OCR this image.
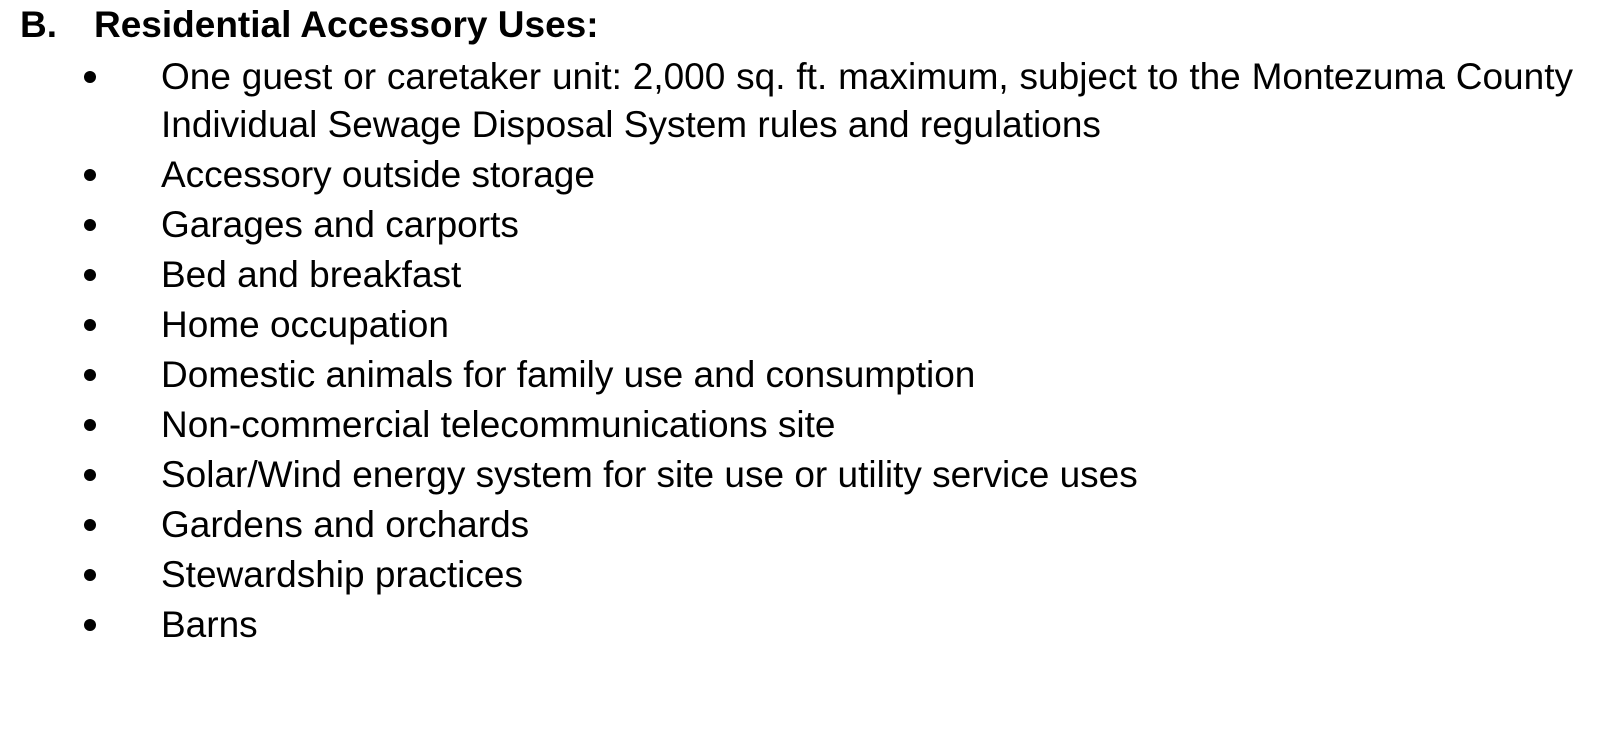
B. Residential Accessory Uses:
One guest or caretaker unit: 2,000 sq. ft. maximum, subject to the Montezuma County Individual Sewage Disposal System rules and regulations
Accessory outside storage
Garages and carports
Bed and breakfast
Home occupation
Domestic animals for family use and consumption
Non-commercial telecommunications site
Solar/Wind energy system for site use or utility service uses
Gardens and orchards
Stewardship practices
Barns
